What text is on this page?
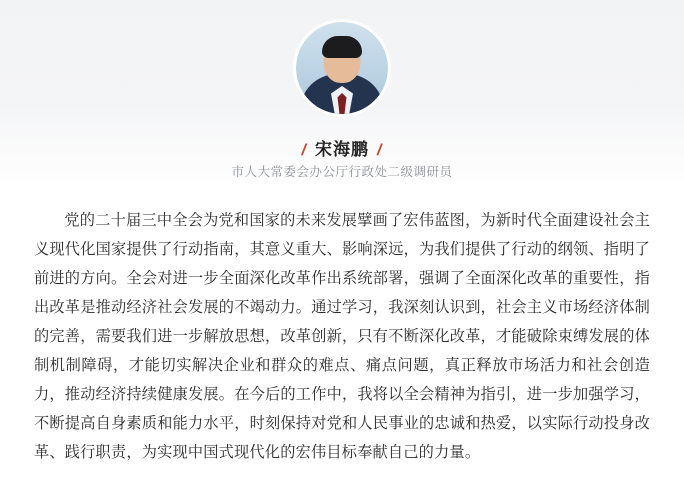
/ 宋海鹏 /
市人大常委会办公厅行政处二级调研员

党的二十届三中全会为党和国家的未来发展擘画了宏伟蓝图，为新时代全面建设社会主义现代化国家提供了行动指南，其意义重大、影响深远，为我们提供了行动的纲领、指明了前进的方向。全会对进一步全面深化改革作出系统部署，强调了全面深化改革的重要性，指出改革是推动经济社会发展的不竭动力。通过学习，我深刻认识到，社会主义市场经济体制的完善，需要我们进一步解放思想，改革创新，只有不断深化改革，才能破除束缚发展的体制机制障碍，才能切实解决企业和群众的难点、痛点问题，真正释放市场活力和社会创造力，推动经济持续健康发展。在今后的工作中，我将以全会精神为指引，进一步加强学习，不断提高自身素质和能力水平，时刻保持对党和人民事业的忠诚和热爱，以实际行动投身改革、践行职责，为实现中国式现代化的宏伟目标奉献自己的力量。
